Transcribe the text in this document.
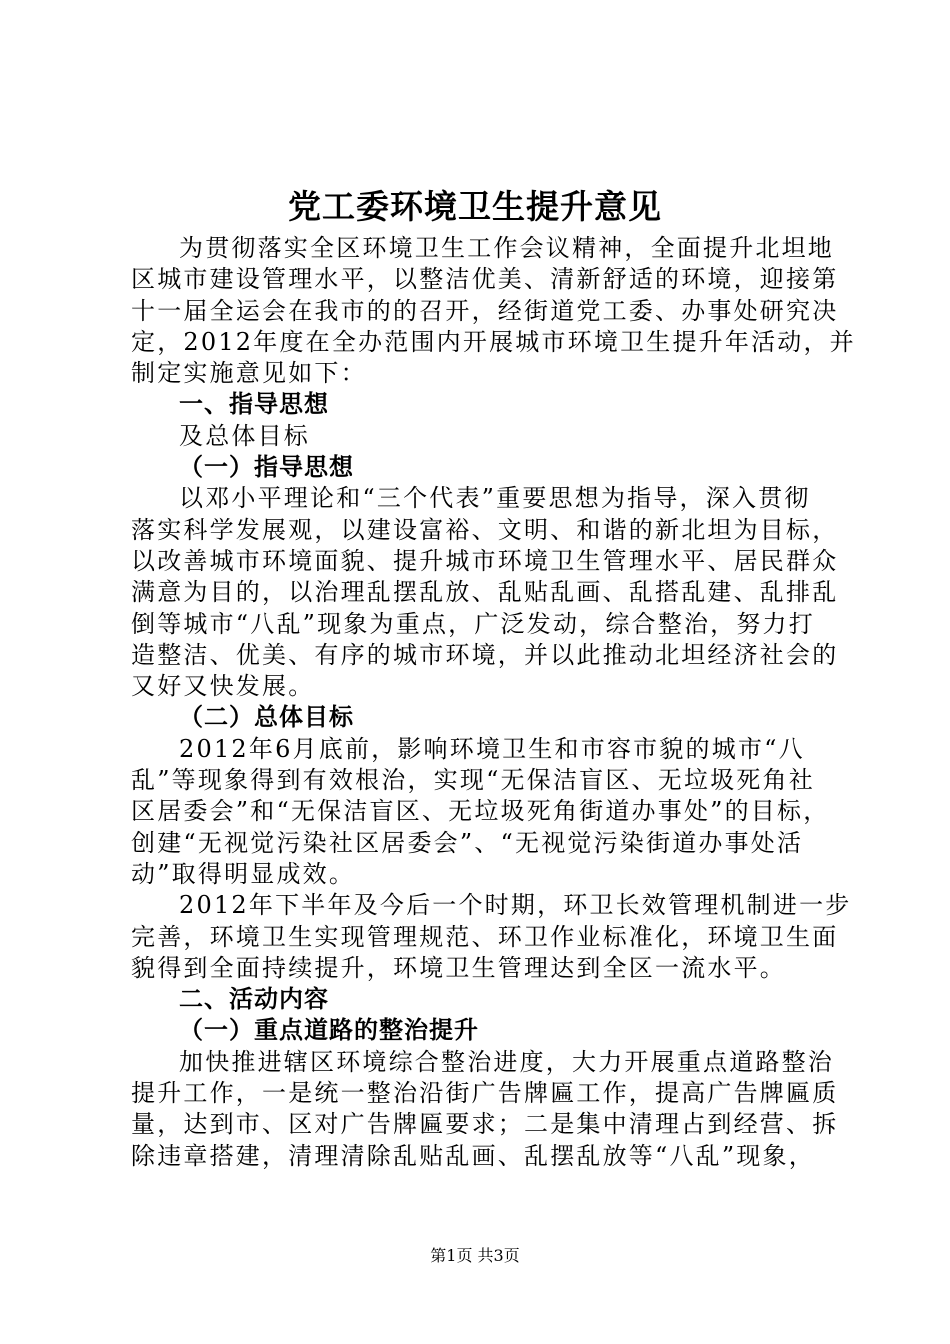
党工委环境卫生提升意见
为贯彻落实全区环境卫生工作会议精神，全面提升北坦地
区城市建设管理水平，以整洁优美、清新舒适的环境，迎接第
十一届全运会在我市的的召开，经街道党工委、办事处研究决
定，2012年度在全办范围内开展城市环境卫生提升年活动，并
制定实施意见如下：
一、指导思想
及总体目标
（一）指导思想
以邓小平理论和“三个代表”重要思想为指导，深入贯彻
落实科学发展观，以建设富裕、文明、和谐的新北坦为目标，
以改善城市环境面貌、提升城市环境卫生管理水平、居民群众
满意为目的，以治理乱摆乱放、乱贴乱画、乱搭乱建、乱排乱
倒等城市“八乱”现象为重点，广泛发动，综合整治，努力打
造整洁、优美、有序的城市环境，并以此推动北坦经济社会的
又好又快发展。
（二）总体目标
2012年6月底前，影响环境卫生和市容市貌的城市“八
乱”等现象得到有效根治，实现“无保洁盲区、无垃圾死角社
区居委会”和“无保洁盲区、无垃圾死角街道办事处”的目标，
创建“无视觉污染社区居委会”、“无视觉污染街道办事处活
动”取得明显成效。
2012年下半年及今后一个时期，环卫长效管理机制进一步
完善，环境卫生实现管理规范、环卫作业标准化，环境卫生面
貌得到全面持续提升，环境卫生管理达到全区一流水平。
二、活动内容
（一）重点道路的整治提升
加快推进辖区环境综合整治进度，大力开展重点道路整治
提升工作，一是统一整治沿街广告牌匾工作，提高广告牌匾质
量，达到市、区对广告牌匾要求；二是集中清理占到经营、拆
除违章搭建，清理清除乱贴乱画、乱摆乱放等“八乱”现象，
第1页 共3页
